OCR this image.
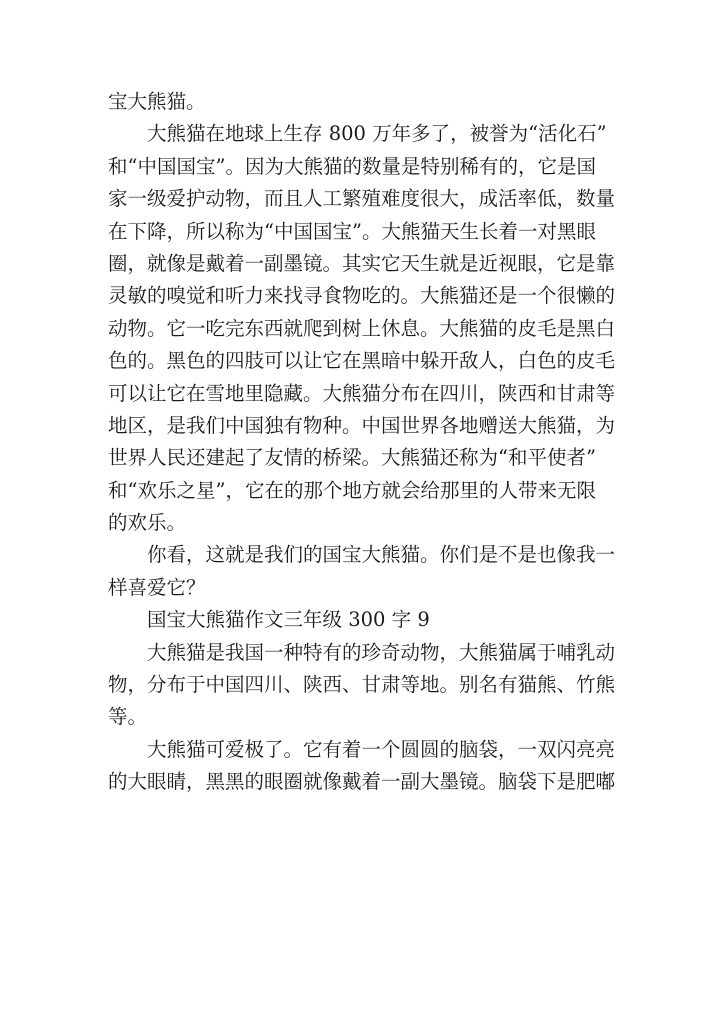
宝大熊猫。
大熊猫在地球上生存 800 万年多了，被誉为“活化石”
和“中国国宝”。因为大熊猫的数量是特别稀有的，它是国
家一级爱护动物，而且人工繁殖难度很大，成活率低，数量
在下降，所以称为“中国国宝”。大熊猫天生长着一对黑眼
圈，就像是戴着一副墨镜。其实它天生就是近视眼，它是靠
灵敏的嗅觉和听力来找寻食物吃的。大熊猫还是一个很懒的
动物。它一吃完东西就爬到树上休息。大熊猫的皮毛是黑白
色的。黑色的四肢可以让它在黑暗中躲开敌人，白色的皮毛
可以让它在雪地里隐藏。大熊猫分布在四川，陕西和甘肃等
地区，是我们中国独有物种。中国世界各地赠送大熊猫，为
世界人民还建起了友情的桥梁。大熊猫还称为“和平使者”
和“欢乐之星”，它在的那个地方就会给那里的人带来无限
的欢乐。
你看，这就是我们的国宝大熊猫。你们是不是也像我一
样喜爱它？
国宝大熊猫作文三年级 300 字 9
大熊猫是我国一种特有的珍奇动物，大熊猫属于哺乳动
物，分布于中国四川、陕西、甘肃等地。别名有猫熊、竹熊
等。
大熊猫可爱极了。它有着一个圆圆的脑袋，一双闪亮亮
的大眼睛，黑黑的眼圈就像戴着一副大墨镜。脑袋下是肥嘟
